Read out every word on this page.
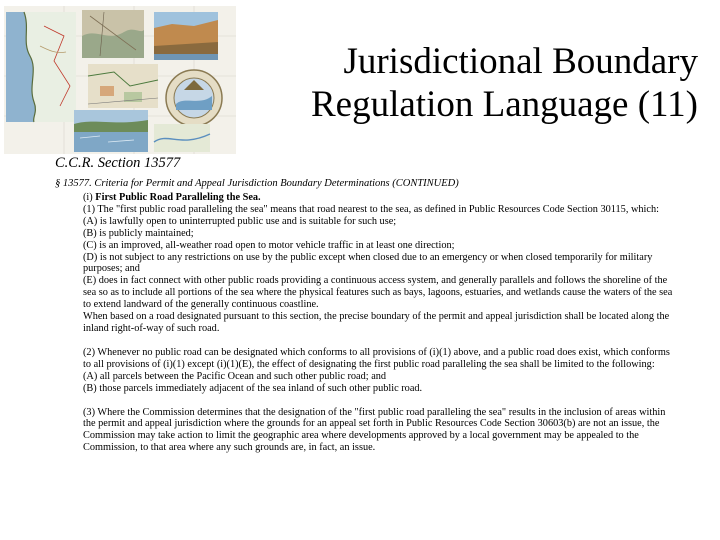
Jurisdictional Boundary
Regulation Language (11)

C.C.R. Section 13577

§ 13577. Criteria for Permit and Appeal Jurisdiction Boundary Determinations (CONTINUED)

(i) First Public Road Paralleling the Sea.

(1) The "first public road paralleling the sea" means that road nearest to the sea, as defined in Public Resources Code Section 30115, which:

(A) is lawfully open to uninterrupted public use and is suitable for such use;

(B) is publicly maintained;

(C) is an improved, all-weather road open to motor vehicle traffic in at least one direction;

(D) is not subject to any restrictions on use by the public except when closed due to an emergency or when closed temporarily for military purposes; and

(E) does in fact connect with other public roads providing a continuous access system, and generally parallels and follows the shoreline of the sea so as to include all portions of the sea where the physical features such as bays, lagoons, estuaries, and wetlands cause the waters of the sea to extend landward of the generally continuous coastline.

When based on a road designated pursuant to this section, the precise boundary of the permit and appeal jurisdiction shall be located along the inland right-of-way of such road.

(2) Whenever no public road can be designated which conforms to all provisions of (i)(1) above, and a public road does exist, which conforms to all provisions of (i)(1) except (i)(1)(E), the effect of designating the first public road paralleling the sea shall be limited to the following:

(A) all parcels between the Pacific Ocean and such other public road; and

(B) those parcels immediately adjacent of the sea inland of such other public road.

(3) Where the Commission determines that the designation of the "first public road paralleling the sea" results in the inclusion of areas within the permit and appeal jurisdiction where the grounds for an appeal set forth in Public Resources Code Section 30603(b) are not an issue, the Commission may take action to limit the geographic area where developments approved by a local government may be appealed to the Commission, to that area where any such grounds are, in fact, an issue.
